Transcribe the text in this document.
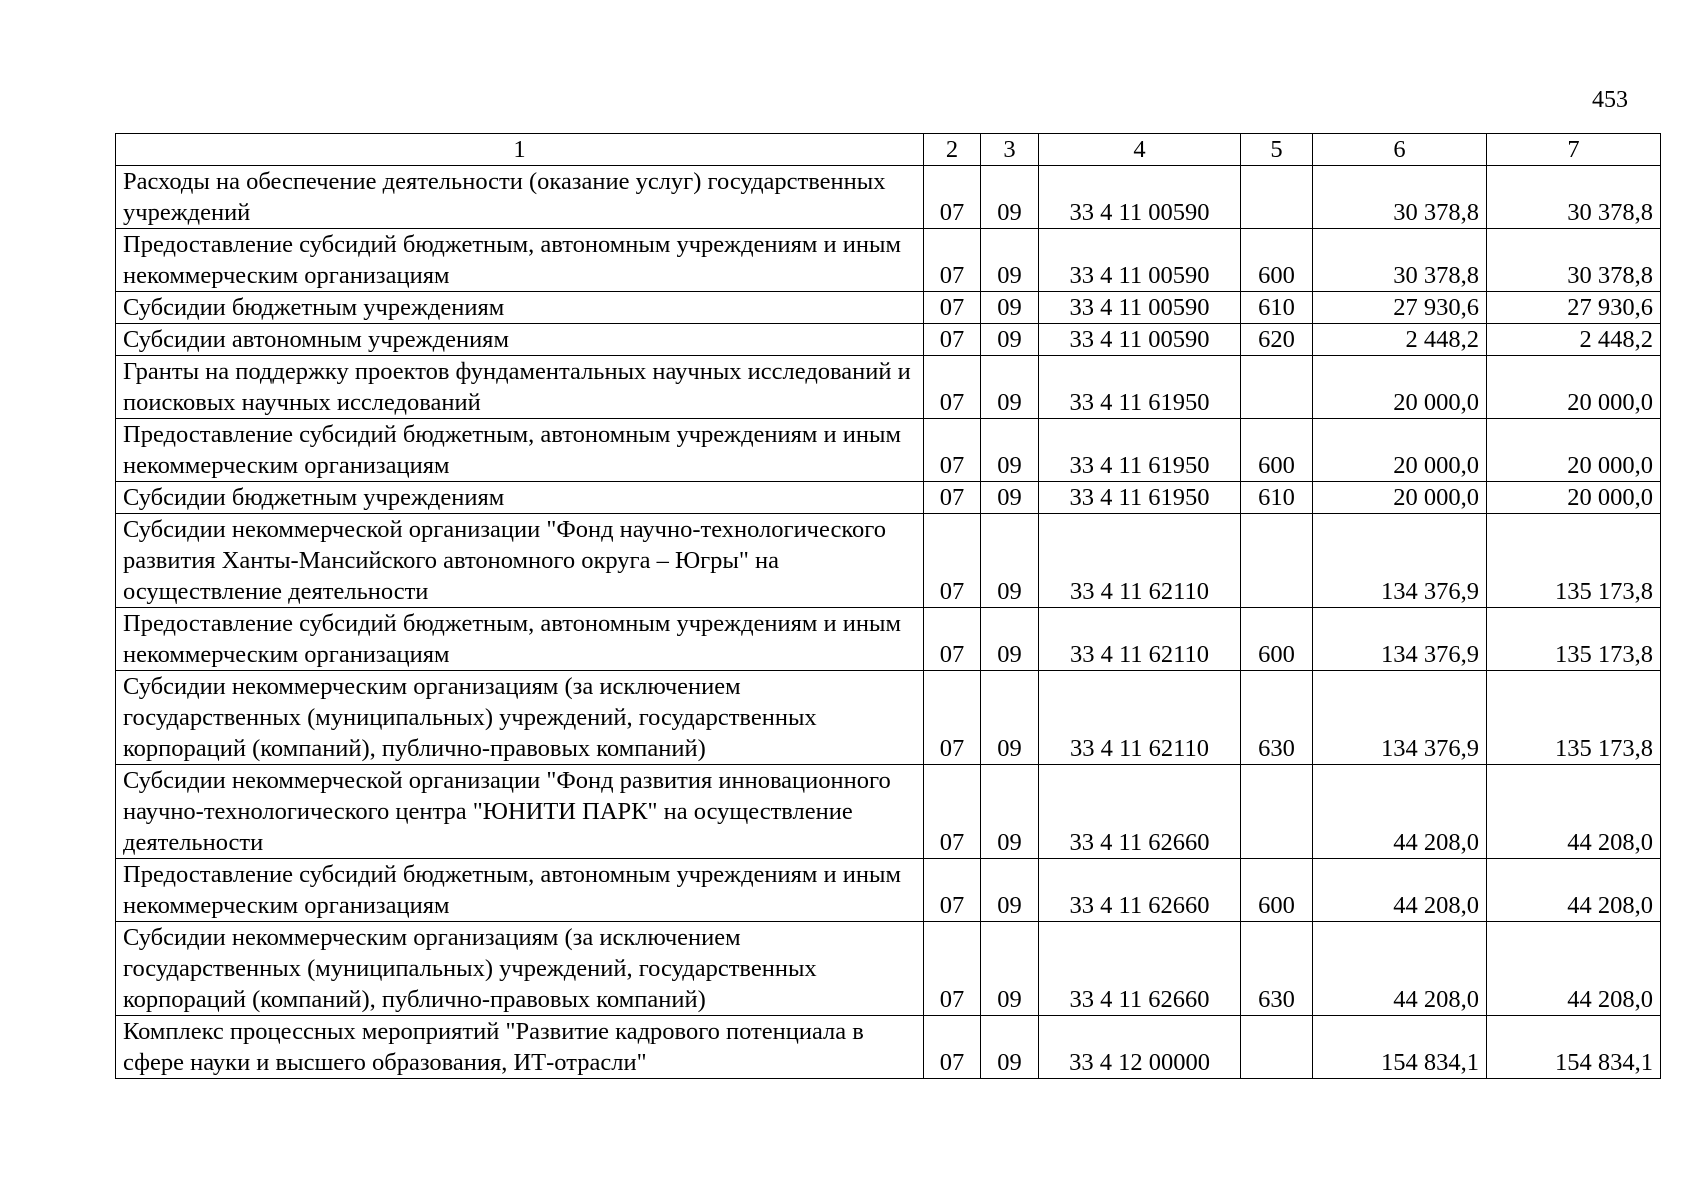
453
1	2	3	4	5	6	7
Расходы на обеспечение деятельности (оказание услуг) государственных учреждений	07	09	33 4 11 00590		30 378,8	30 378,8
Предоставление субсидий бюджетным, автономным учреждениям и иным некоммерческим организациям	07	09	33 4 11 00590	600	30 378,8	30 378,8
Субсидии бюджетным учреждениям	07	09	33 4 11 00590	610	27 930,6	27 930,6
Субсидии автономным учреждениям	07	09	33 4 11 00590	620	2 448,2	2 448,2
Гранты на поддержку проектов фундаментальных научных исследований и поисковых научных исследований	07	09	33 4 11 61950		20 000,0	20 000,0
Предоставление субсидий бюджетным, автономным учреждениям и иным некоммерческим организациям	07	09	33 4 11 61950	600	20 000,0	20 000,0
Субсидии бюджетным учреждениям	07	09	33 4 11 61950	610	20 000,0	20 000,0
Субсидии некоммерческой организации "Фонд научно-технологического развития Ханты-Мансийского автономного округа – Югры" на осуществление деятельности	07	09	33 4 11 62110		134 376,9	135 173,8
Предоставление субсидий бюджетным, автономным учреждениям и иным некоммерческим организациям	07	09	33 4 11 62110	600	134 376,9	135 173,8
Субсидии некоммерческим организациям (за исключением государственных (муниципальных) учреждений, государственных корпораций (компаний), публично-правовых компаний)	07	09	33 4 11 62110	630	134 376,9	135 173,8
Субсидии некоммерческой организации "Фонд развития инновационного научно-технологического центра "ЮНИТИ ПАРК" на осуществление деятельности	07	09	33 4 11 62660		44 208,0	44 208,0
Предоставление субсидий бюджетным, автономным учреждениям и иным некоммерческим организациям	07	09	33 4 11 62660	600	44 208,0	44 208,0
Субсидии некоммерческим организациям (за исключением государственных (муниципальных) учреждений, государственных корпораций (компаний), публично-правовых компаний)	07	09	33 4 11 62660	630	44 208,0	44 208,0
Комплекс процессных мероприятий "Развитие кадрового потенциала в сфере науки и высшего образования, ИТ-отрасли"	07	09	33 4 12 00000		154 834,1	154 834,1
